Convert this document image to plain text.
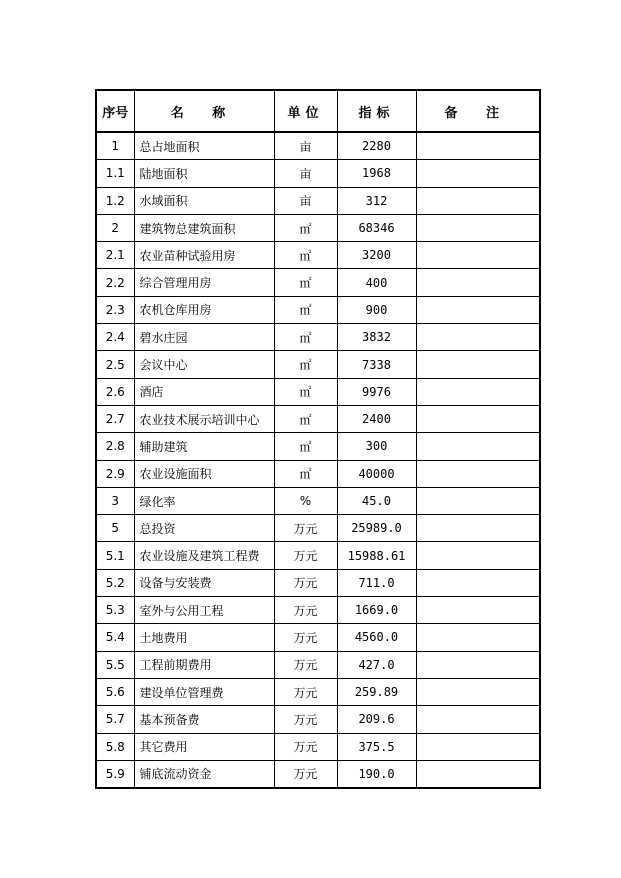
序号	名 称	单位	指标	备 注
1	总占地面积	亩	2280	
1.1	陆地面积	亩	1968	
1.2	水域面积	亩	312	
2	建筑物总建筑面积	㎡	68346	
2.1	农业苗种试验用房	㎡	3200	
2.2	综合管理用房	㎡	400	
2.3	农机仓库用房	㎡	900	
2.4	碧水庄园	㎡	3832	
2.5	会议中心	㎡	7338	
2.6	酒店	㎡	9976	
2.7	农业技术展示培训中心	㎡	2400	
2.8	辅助建筑	㎡	300	
2.9	农业设施面积	㎡	40000	
3	绿化率	%	45.0	
5	总投资	万元	25989.0	
5.1	农业设施及建筑工程费	万元	15988.61	
5.2	设备与安装费	万元	711.0	
5.3	室外与公用工程	万元	1669.0	
5.4	土地费用	万元	4560.0	
5.5	工程前期费用	万元	427.0	
5.6	建设单位管理费	万元	259.89	
5.7	基本预备费	万元	209.6	
5.8	其它费用	万元	375.5	
5.9	铺底流动资金	万元	190.0	
